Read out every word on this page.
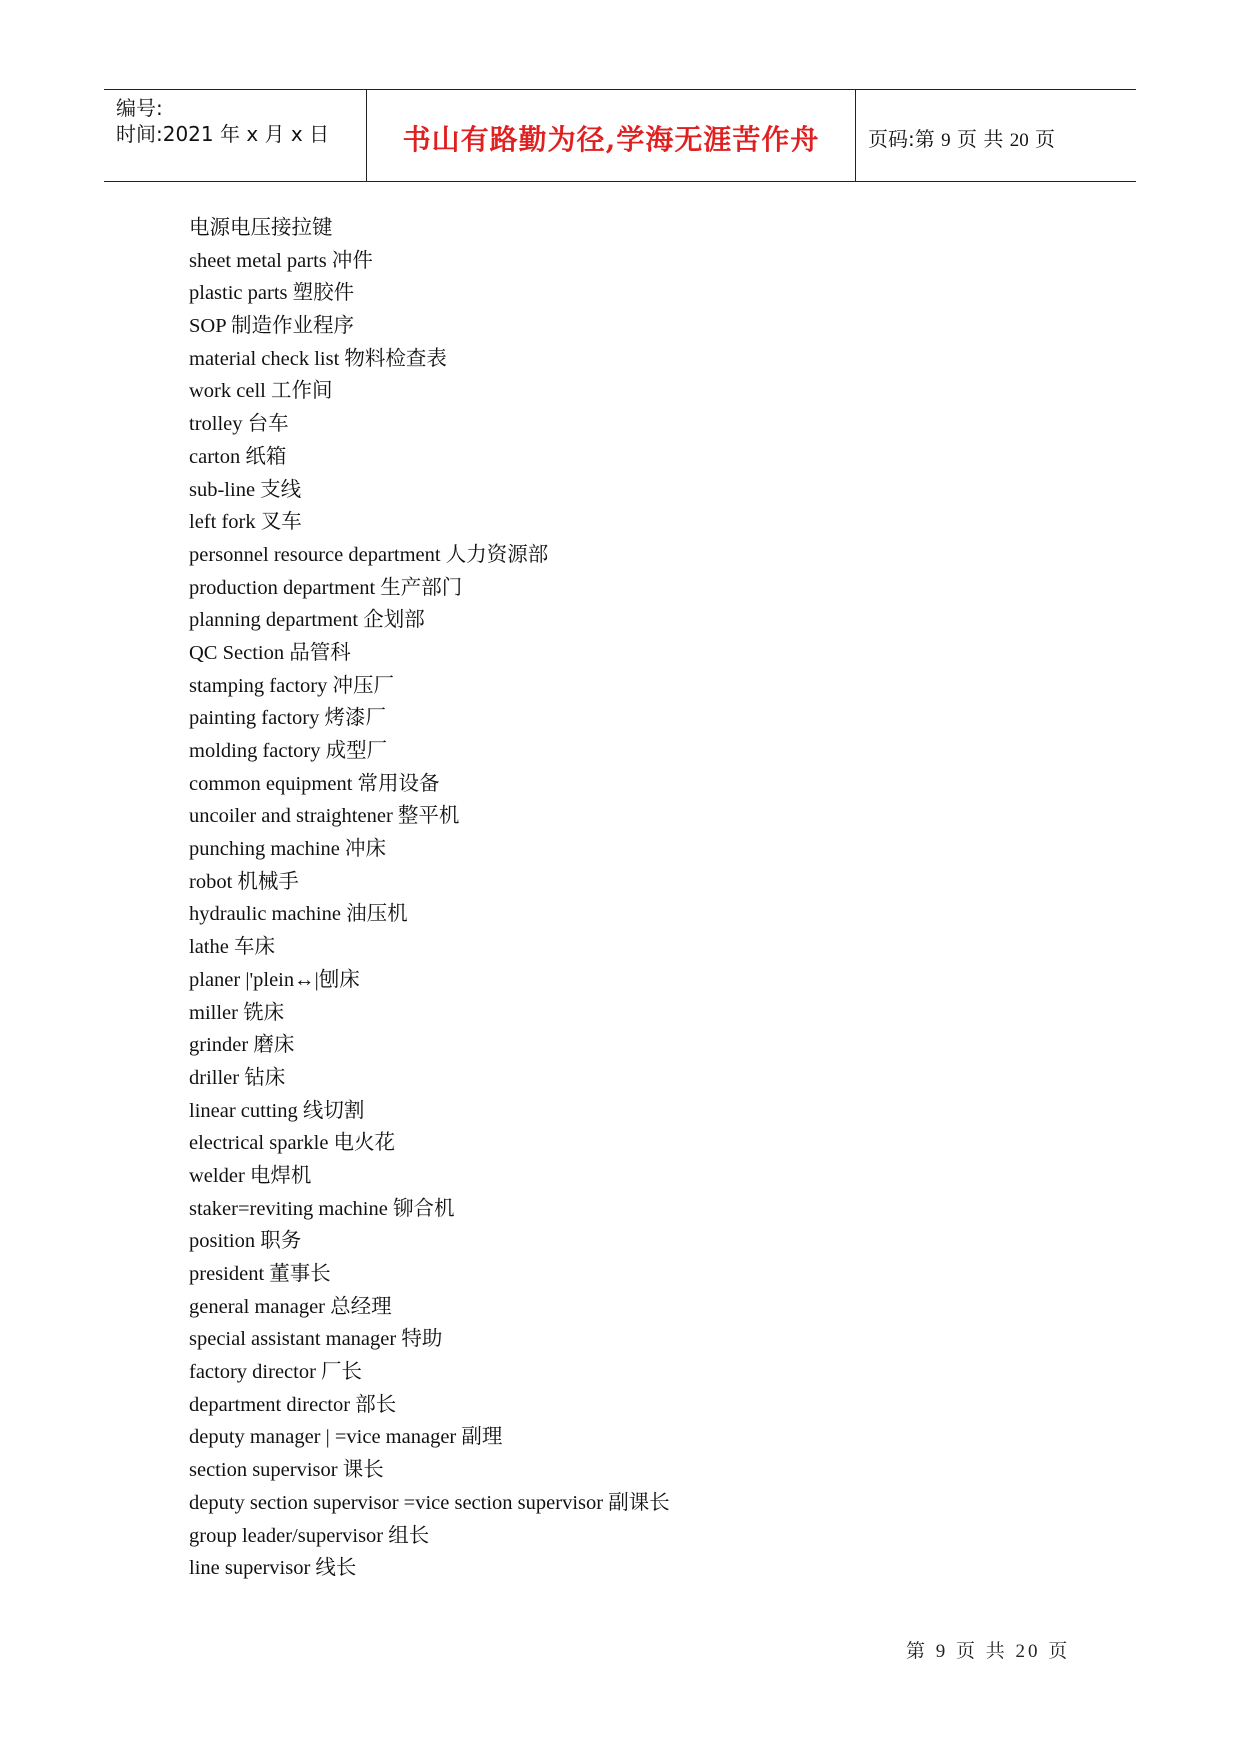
编号:
时间:2021 年 x 月 x 日	书山有路勤为径,学海无涯苦作舟 页码:第 9 页 共 20 页
电源电压接拉键
sheet metal parts 冲件
plastic parts 塑胶件
SOP 制造作业程序
material check list 物料检查表
work cell 工作间
trolley 台车
carton 纸箱
sub-line 支线
left fork 叉车
personnel resource department 人力资源部
production department 生产部门
planning department 企划部
QC Section 品管科
stamping factory 冲压厂
painting factory 烤漆厂
molding factory 成型厂
common equipment 常用设备
uncoiler and straightener 整平机
punching machine 冲床
robot 机械手
hydraulic machine 油压机
lathe 车床
planer |'plein↔|刨床
miller 铣床
grinder 磨床
driller 钻床
linear cutting 线切割
electrical sparkle 电火花
welder 电焊机
staker=reviting machine 铆合机
position 职务
president 董事长
general manager 总经理
special assistant manager 特助
factory director 厂长
department director 部长
deputy manager | =vice manager 副理
section supervisor 课长
deputy section supervisor =vice section supervisor 副课长
group leader/supervisor 组长
line supervisor 线长
第 9 页 共 20 页
